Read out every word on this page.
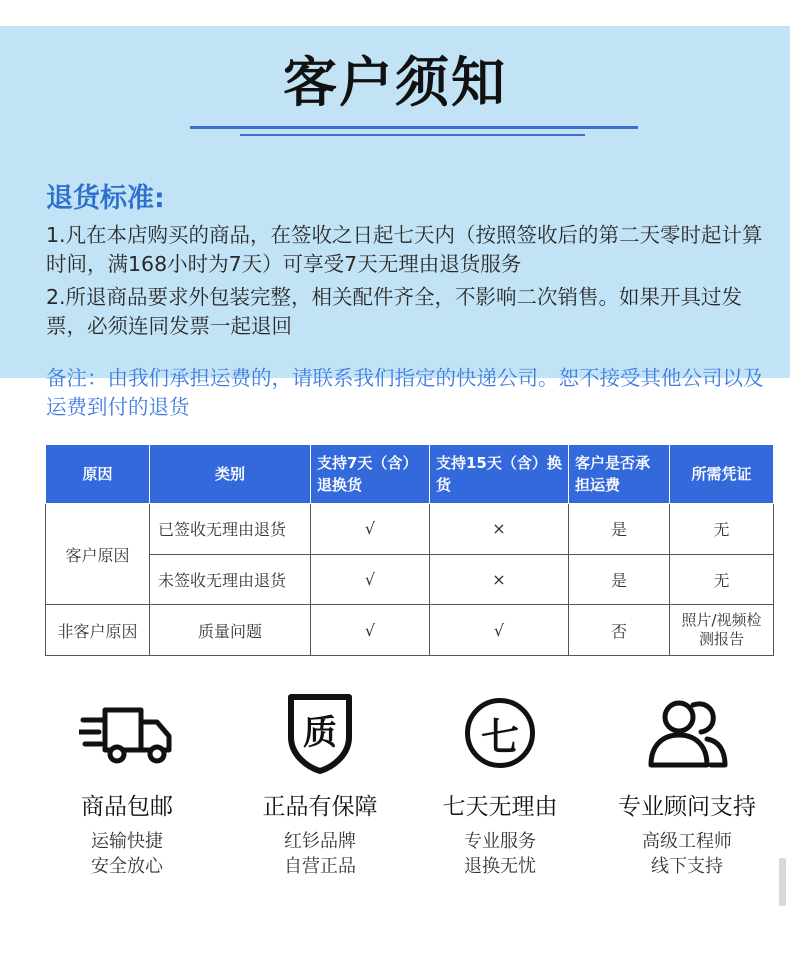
客户须知
退货标准:
1.凡在本店购买的商品，在签收之日起七天内（按照签收后的第二天零时起计算时间，满168小时为7天）可享受7天无理由退货服务
2.所退商品要求外包装完整，相关配件齐全，不影响二次销售。如果开具过发票，必须连同发票一起退回
备注：由我们承担运费的，请联系我们指定的快递公司。恕不接受其他公司以及运费到付的退货
原因	类别	支持7天（含）退换货	支持15天（含）换货	客户是否承担运费	所需凭证
客户原因	已签收无理由退货	√	×	是	无
	未签收无理由退货	√	×	是	无
非客户原因	质量问题	√	√	否	照片/视频检测报告
商品包邮
运输快捷
安全放心
质
正品有保障
红钐品牌
自营正品
七
七天无理由
专业服务
退换无忧
专业顾问支持
高级工程师
线下支持
